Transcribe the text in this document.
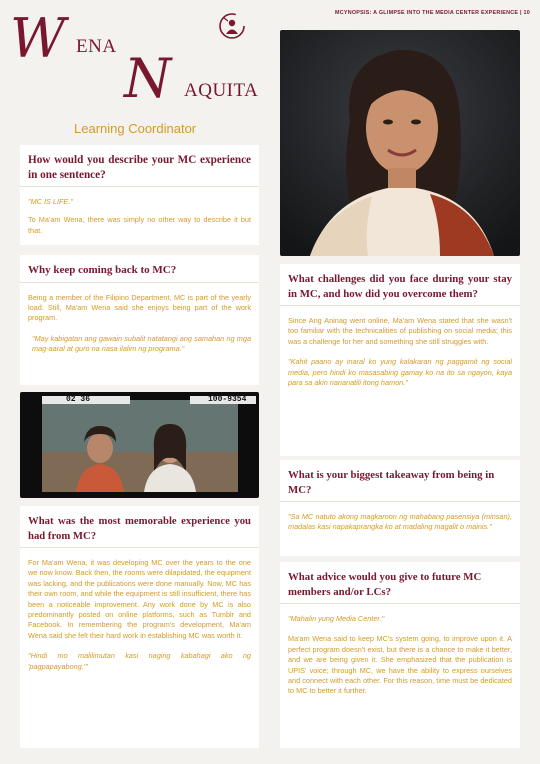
MCYNOPSIS: A GLIMPSE INTO THE MEDIA CENTER EXPERIENCE | 10
W ENA
N AQUITA
Learning Coordinator
How would you describe your MC experience in one sentence?
"MC IS LIFE."
To Ma'am Wena, there was simply no other way to describe it but that.
Why keep coming back to MC?
Being a member of the Filipino Department, MC is part of the yearly load. Still, Ma'am Wena said she enjoys being part of the work program.
"May kabigatan ang gawain subalit natatangi ang samahan ng mga mag-aaral at guro na nasa ilalim ng programa."
02 36	100-9354
What was the most memorable experience you had from MC?
For Ma'am Wena, it was developing MC over the years to the one we now know. Back then, the rooms were dilapidated, the equipment was lacking, and the publications were done manually. Now, MC has their own room, and while the equipment is still insufficient, there has been a noticeable improvement. Any work done by MC is also predominantly posted on online platforms, such as Tumblr and Facebook. In remembering the program's development, Ma'am Wena said she felt their hard work in establishing MC was worth it.
"Hindi mo malilimutan kasi naging kabahagi ako ng 'pagpapayabong.'"
What challenges did you face during your stay in MC, and how did you overcome them?
Since Ang Aninag went online, Ma'am Wena stated that she wasn't too familiar with the technicalities of publishing on social media; this was a challenge for her and something she still struggles with.
"Kahit paano ay inaral ko yung kalakaran ng paggamit ng social media, pero hindi ko masasabing gamay ko na ito sa ngayon, kaya para sa akin nananatili itong hamon."
What is your biggest takeaway from being in MC?
"Sa MC natuto akong magkaroon ng mahabang pasensiya (minsan), madalas kasi napakaprangka ko at madaling magalit o mainis."
What advice would you give to future MC members and/or LCs?
"Mahalin yung Media Center."
Ma'am Wena said to keep MC's system going, to improve upon it. A perfect program doesn't exist, but there is a chance to make it better, and we are being given it. She emphasized that the publication is UPIS' voice; through MC, we have the ability to express ourselves and connect with each other. For this reason, time must be dedicated to MC to better it further.
